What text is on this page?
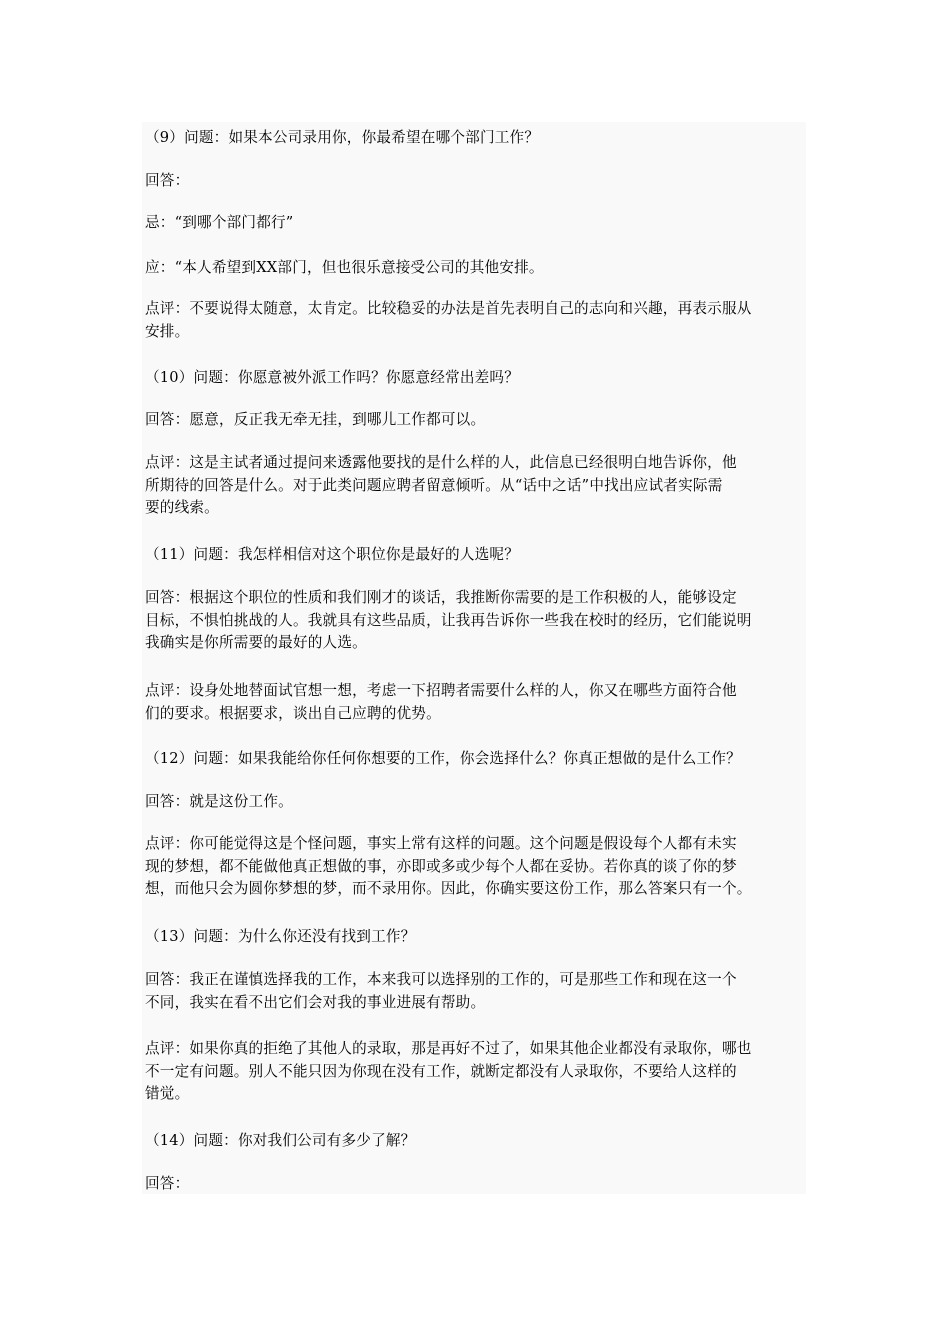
（9）问题：如果本公司录用你，你最希望在哪个部门工作？

回答：

忌：“到哪个部门都行”

应：“本人希望到XX部门，但也很乐意接受公司的其他安排。

点评：不要说得太随意，太肯定。比较稳妥的办法是首先表明自己的志向和兴趣，再表示服从
安排。

（10）问题：你愿意被外派工作吗？你愿意经常出差吗？

回答：愿意，反正我无牵无挂，到哪儿工作都可以。

点评：这是主试者通过提问来透露他要找的是什么样的人，此信息已经很明白地告诉你，他
所期待的回答是什么。对于此类问题应聘者留意倾听。从“话中之话”中找出应试者实际需
要的线索。

（11）问题：我怎样相信对这个职位你是最好的人选呢？

回答：根据这个职位的性质和我们刚才的谈话，我推断你需要的是工作积极的人，能够设定
目标，不惧怕挑战的人。我就具有这些品质，让我再告诉你一些我在校时的经历，它们能说明
我确实是你所需要的最好的人选。

点评：设身处地替面试官想一想，考虑一下招聘者需要什么样的人，你又在哪些方面符合他
们的要求。根据要求，谈出自己应聘的优势。

（12）问题：如果我能给你任何你想要的工作，你会选择什么？你真正想做的是什么工作？

回答：就是这份工作。

点评：你可能觉得这是个怪问题，事实上常有这样的问题。这个问题是假设每个人都有未实
现的梦想，都不能做他真正想做的事，亦即或多或少每个人都在妥协。若你真的谈了你的梦
想，而他只会为圆你梦想的梦，而不录用你。因此，你确实要这份工作，那么答案只有一个。

（13）问题：为什么你还没有找到工作？

回答：我正在谨慎选择我的工作，本来我可以选择别的工作的，可是那些工作和现在这一个
不同，我实在看不出它们会对我的事业进展有帮助。

点评：如果你真的拒绝了其他人的录取，那是再好不过了，如果其他企业都没有录取你，哪也
不一定有问题。别人不能只因为你现在没有工作，就断定都没有人录取你，不要给人这样的
错觉。

（14）问题：你对我们公司有多少了解？

回答：
